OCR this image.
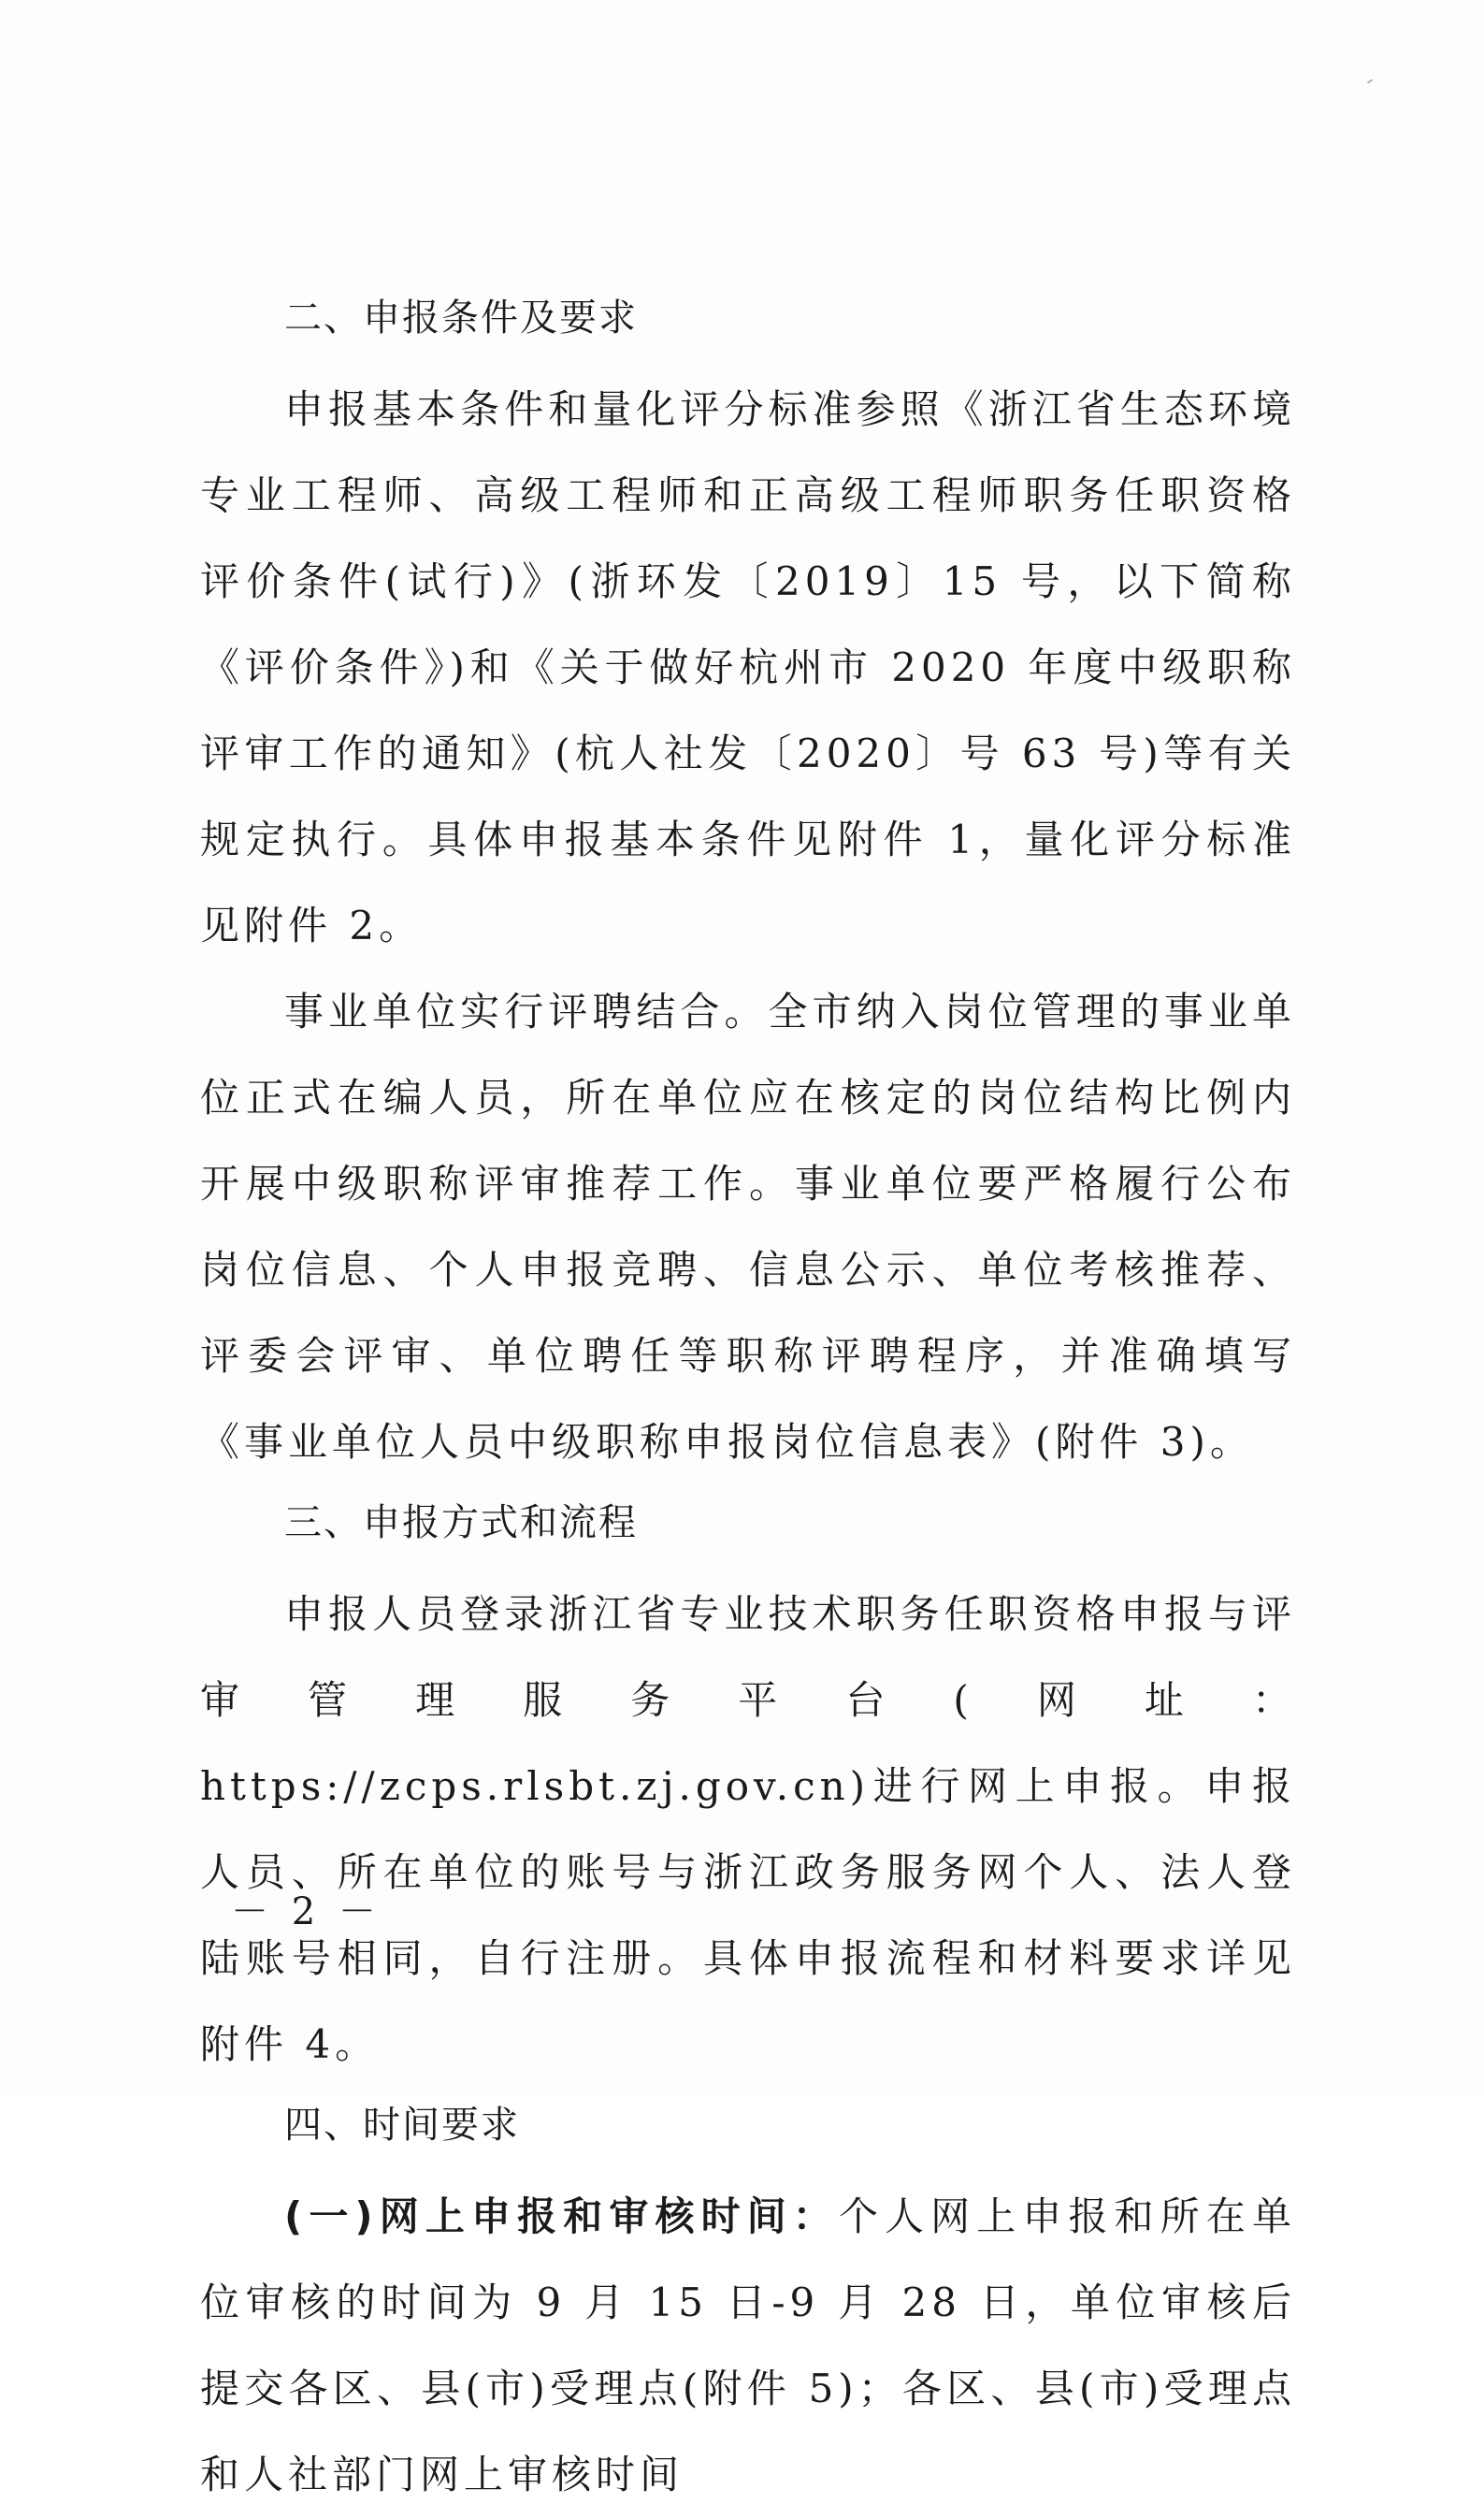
二、申报条件及要求

申报基本条件和量化评分标准参照《浙江省生态环境专业工程师、高级工程师和正高级工程师职务任职资格评价条件(试行)》(浙环发〔2019〕15 号，以下简称《评价条件》)和《关于做好杭州市 2020 年度中级职称评审工作的通知》(杭人社发〔2020〕号 63 号)等有关规定执行。具体申报基本条件见附件 1，量化评分标准见附件 2。

事业单位实行评聘结合。全市纳入岗位管理的事业单位正式在编人员，所在单位应在核定的岗位结构比例内开展中级职称评审推荐工作。事业单位要严格履行公布岗位信息、个人申报竞聘、信息公示、单位考核推荐、评委会评审、单位聘任等职称评聘程序，并准确填写《事业单位人员中级职称申报岗位信息表》(附件 3)。

三、申报方式和流程

申报人员登录浙江省专业技术职务任职资格申报与评审管理服务平台(网址：https://zcps.rlsbt.zj.gov.cn)进行网上申报。申报人员、所在单位的账号与浙江政务服务网个人、法人登陆账号相同，自行注册。具体申报流程和材料要求详见附件 4。

四、时间要求

(一)网上申报和审核时间：个人网上申报和所在单位审核的时间为 9 月 15 日-9 月 28 日，单位审核后提交各区、县(市)受理点(附件 5)；各区、县(市)受理点和人社部门网上审核时间

－ 2 －
